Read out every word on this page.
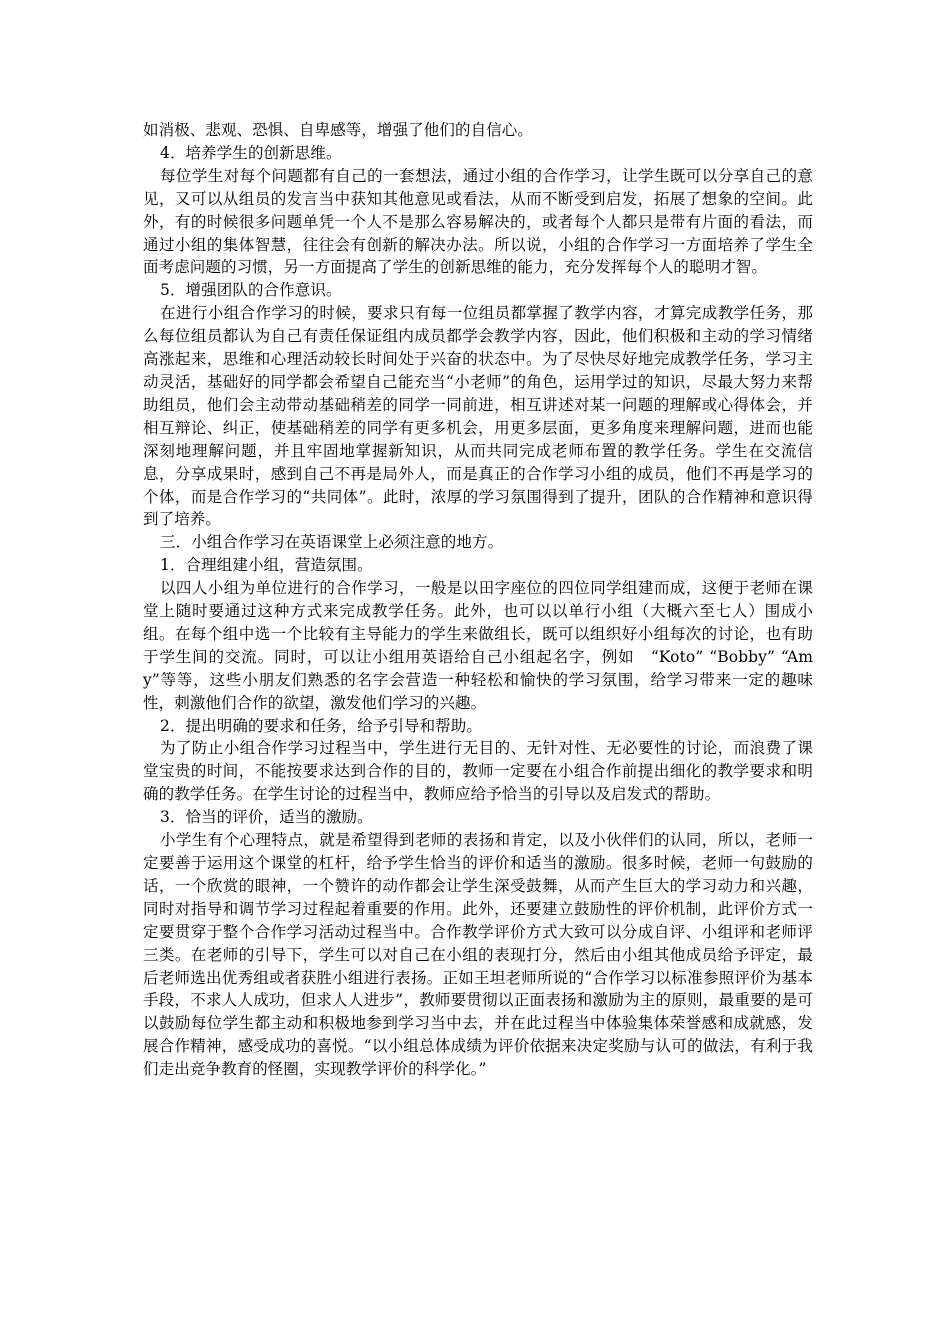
如消极、悲观、恐惧、自卑感等，增强了他们的自信心。

4．培养学生的创新思维。

每位学生对每个问题都有自己的一套想法，通过小组的合作学习，让学生既可以分享自己的意见，又可以从组员的发言当中获知其他意见或看法，从而不断受到启发，拓展了想象的空间。此外，有的时候很多问题单凭一个人不是那么容易解决的，或者每个人都只是带有片面的看法，而通过小组的集体智慧，往往会有创新的解决办法。所以说，小组的合作学习一方面培养了学生全面考虑问题的习惯，另一方面提高了学生的创新思维的能力，充分发挥每个人的聪明才智。

5．增强团队的合作意识。

在进行小组合作学习的时候，要求只有每一位组员都掌握了教学内容，才算完成教学任务，那么每位组员都认为自己有责任保证组内成员都学会教学内容，因此，他们积极和主动的学习情绪高涨起来，思维和心理活动较长时间处于兴奋的状态中。为了尽快尽好地完成教学任务，学习主动灵活，基础好的同学都会希望自己能充当“小老师”的角色，运用学过的知识，尽最大努力来帮助组员，他们会主动带动基础稍差的同学一同前进，相互讲述对某一问题的理解或心得体会，并相互辩论、纠正，使基础稍差的同学有更多机会，用更多层面，更多角度来理解问题，进而也能深刻地理解问题，并且牢固地掌握新知识，从而共同完成老师布置的教学任务。学生在交流信息，分享成果时，感到自己不再是局外人，而是真正的合作学习小组的成员，他们不再是学习的个体，而是合作学习的“共同体”。此时，浓厚的学习氛围得到了提升，团队的合作精神和意识得到了培养。

三．小组合作学习在英语课堂上必须注意的地方。

1．合理组建小组，营造氛围。

以四人小组为单位进行的合作学习，一般是以田字座位的四位同学组建而成，这便于老师在课堂上随时要通过这种方式来完成教学任务。此外，也可以以单行小组（大概六至七人）围成小组。在每个组中选一个比较有主导能力的学生来做组长，既可以组织好小组每次的讨论，也有助于学生间的交流。同时，可以让小组用英语给自己小组起名字，例如　“Koto” “Bobby” “Amy”等等，这些小朋友们熟悉的名字会营造一种轻松和愉快的学习氛围，给学习带来一定的趣味性，刺激他们合作的欲望，激发他们学习的兴趣。

2．提出明确的要求和任务，给予引导和帮助。

为了防止小组合作学习过程当中，学生进行无目的、无针对性、无必要性的讨论，而浪费了课堂宝贵的时间，不能按要求达到合作的目的，教师一定要在小组合作前提出细化的教学要求和明确的教学任务。在学生讨论的过程当中，教师应给予恰当的引导以及启发式的帮助。

3．恰当的评价，适当的激励。

小学生有个心理特点，就是希望得到老师的表扬和肯定，以及小伙伴们的认同，所以，老师一定要善于运用这个课堂的杠杆，给予学生恰当的评价和适当的激励。很多时候，老师一句鼓励的话，一个欣赏的眼神，一个赞许的动作都会让学生深受鼓舞，从而产生巨大的学习动力和兴趣，同时对指导和调节学习过程起着重要的作用。此外，还要建立鼓励性的评价机制，此评价方式一定要贯穿于整个合作学习活动过程当中。合作教学评价方式大致可以分成自评、小组评和老师评三类。在老师的引导下，学生可以对自己在小组的表现打分，然后由小组其他成员给予评定，最后老师选出优秀组或者获胜小组进行表扬。正如王坦老师所说的“合作学习以标准参照评价为基本手段，不求人人成功，但求人人进步”，教师要贯彻以正面表扬和激励为主的原则，最重要的是可以鼓励每位学生都主动和积极地参到学习当中去，并在此过程当中体验集体荣誉感和成就感，发展合作精神，感受成功的喜悦。“以小组总体成绩为评价依据来决定奖励与认可的做法，有利于我们走出竞争教育的怪圈，实现教学评价的科学化。”
